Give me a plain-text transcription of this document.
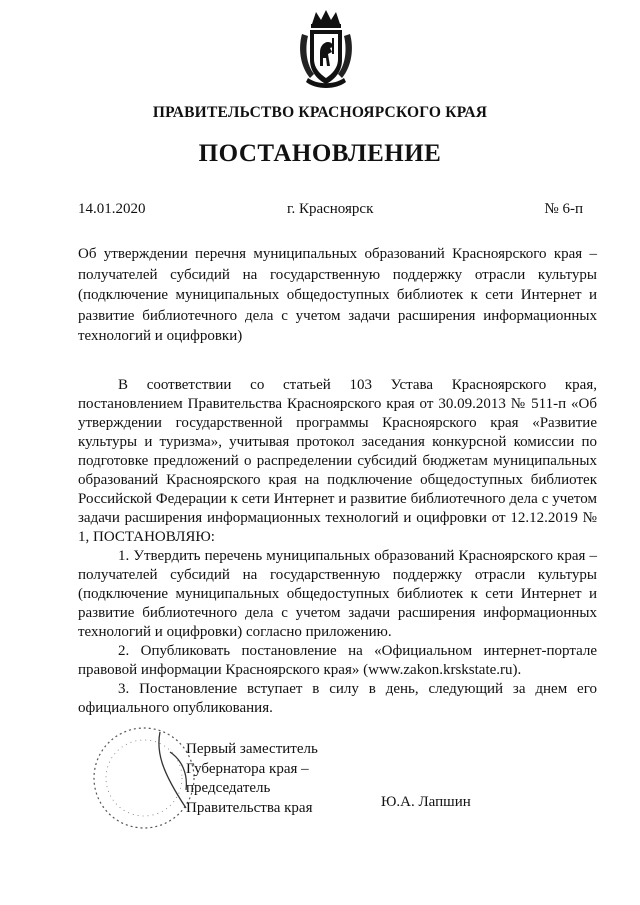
ПРАВИТЕЛЬСТВО КРАСНОЯРСКОГО КРАЯ
ПОСТАНОВЛЕНИЕ
14.01.2020	г. Красноярск	№ 6-п
Об утверждении перечня муниципальных образований Красноярского края – получателей субсидий на государственную поддержку отрасли культуры (подключение муниципальных общедоступных библиотек к сети Интернет и развитие библиотечного дела с учетом задачи расширения информационных технологий и оцифровки)

В соответствии со статьей 103 Устава Красноярского края, постановлением Правительства Красноярского края от 30.09.2013 № 511-п «Об утверждении государственной программы Красноярского края «Развитие культуры и туризма», учитывая протокол заседания конкурсной комиссии по подготовке предложений о распределении субсидий бюджетам муниципальных образований Красноярского края на подключение общедоступных библиотек Российской Федерации к сети Интернет и развитие библиотечного дела с учетом задачи расширения информационных технологий и оцифровки от 12.12.2019 № 1, ПОСТАНОВЛЯЮ:

1. Утвердить перечень муниципальных образований Красноярского края – получателей субсидий на государственную поддержку отрасли культуры (подключение муниципальных общедоступных библиотек к сети Интернет и развитие библиотечного дела с учетом задачи расширения информационных технологий и оцифровки) согласно приложению.

2. Опубликовать постановление на «Официальном интернет-портале правовой информации Красноярского края» (www.zakon.krskstate.ru).

3. Постановление вступает в силу в день, следующий за днем его официального опубликования.

Первый заместитель
Губернатора края –
председатель
Правительства края	Ю.А. Лапшин
